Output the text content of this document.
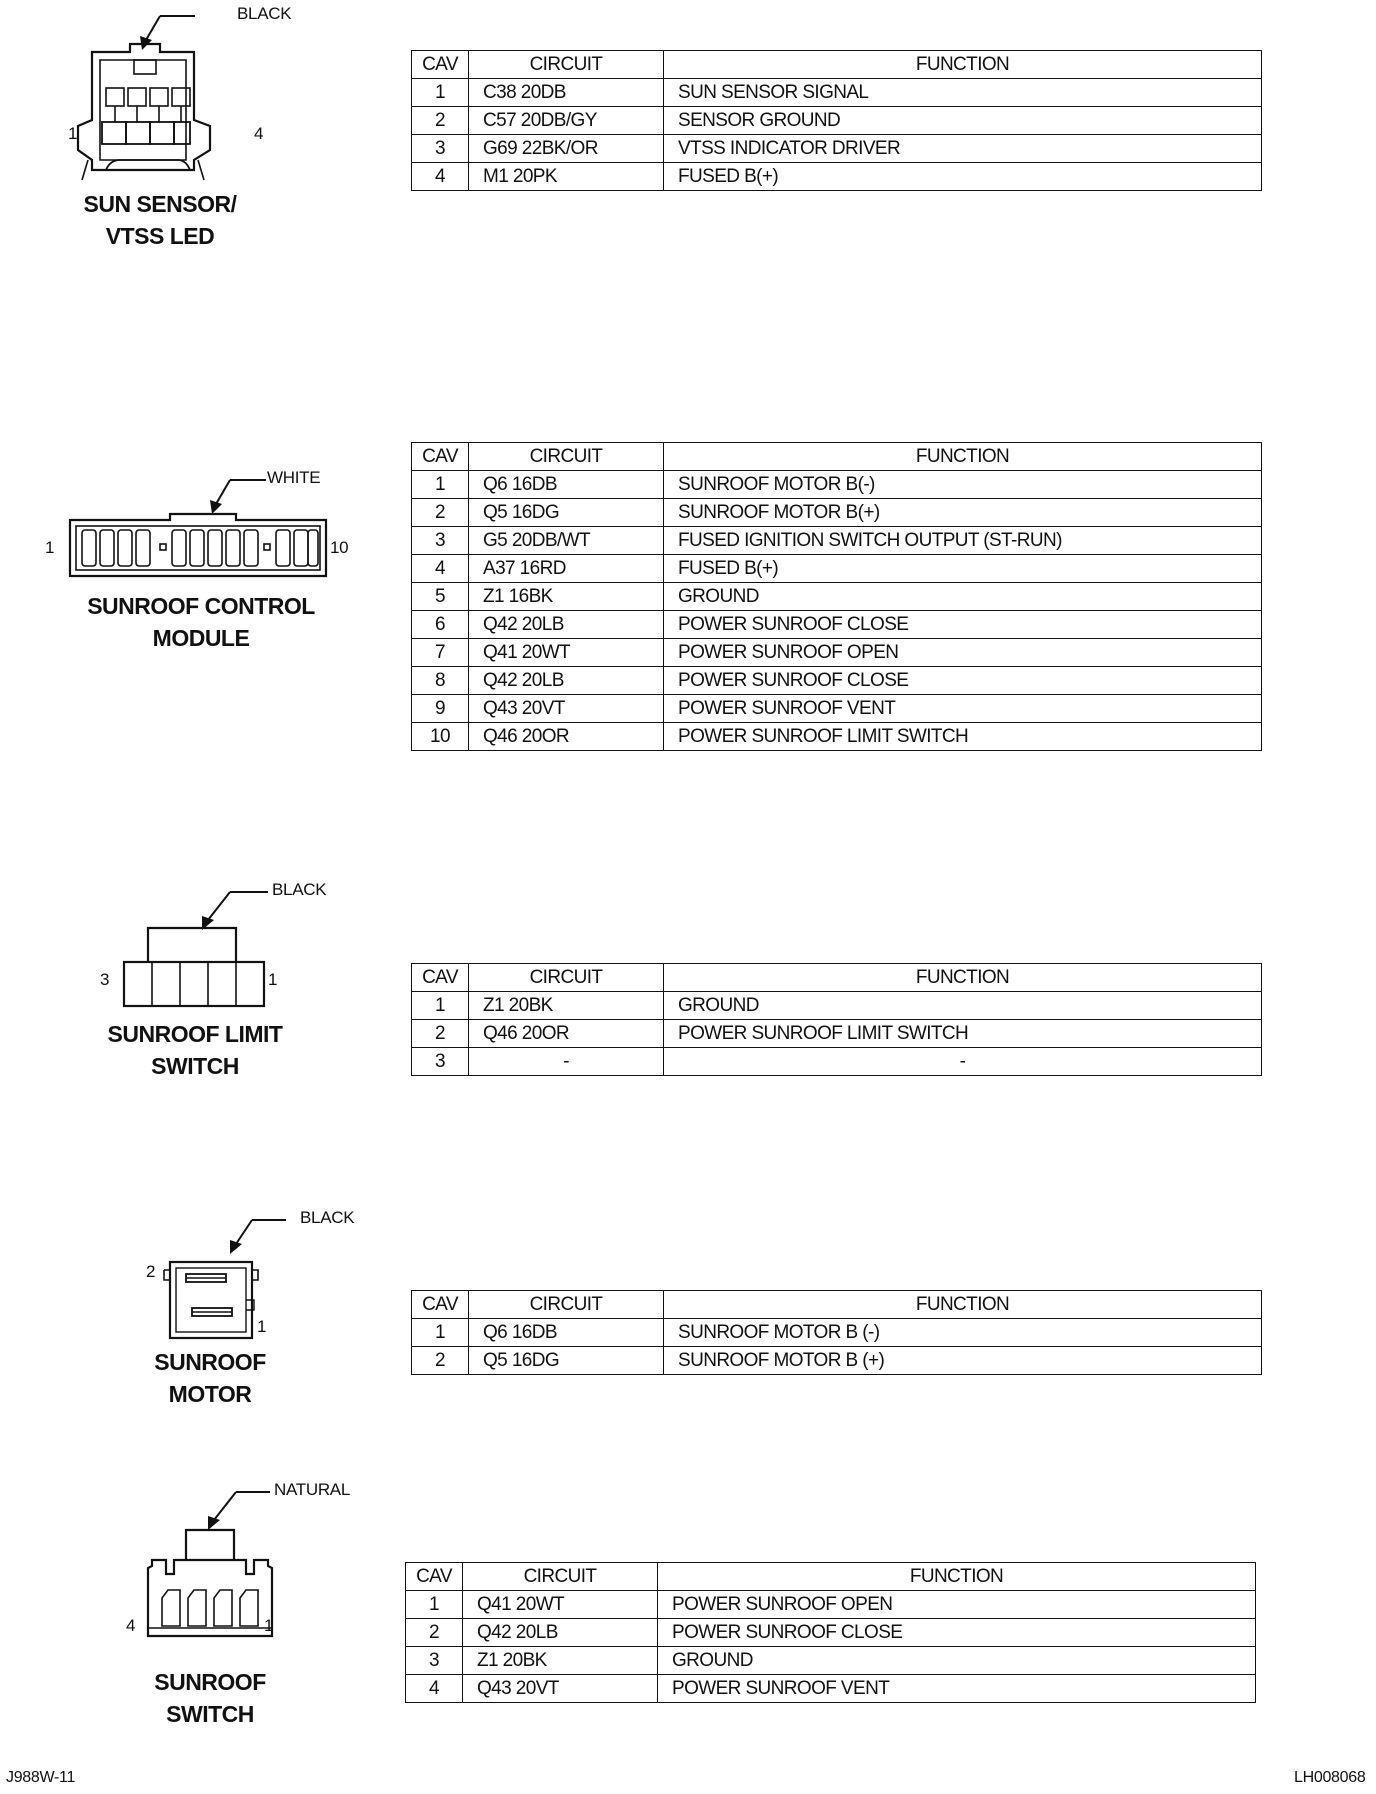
BLACK
1	4
SUN SENSOR/
VTSS LED
CAV	CIRCUIT	FUNCTION
1	C38 20DB	SUN SENSOR SIGNAL
2	C57 20DB/GY	SENSOR GROUND
3	G69 22BK/OR	VTSS INDICATOR DRIVER
4	M1 20PK	FUSED B(+)
WHITE
1	10
SUNROOF CONTROL
MODULE
CAV	CIRCUIT	FUNCTION
1	Q6 16DB	SUNROOF MOTOR B(-)
2	Q5 16DG	SUNROOF MOTOR B(+)
3	G5 20DB/WT	FUSED IGNITION SWITCH OUTPUT (ST-RUN)
4	A37 16RD	FUSED B(+)
5	Z1 16BK	GROUND
6	Q42 20LB	POWER SUNROOF CLOSE
7	Q41 20WT	POWER SUNROOF OPEN
8	Q42 20LB	POWER SUNROOF CLOSE
9	Q43 20VT	POWER SUNROOF VENT
10	Q46 20OR	POWER SUNROOF LIMIT SWITCH
BLACK
3	1
SUNROOF LIMIT
SWITCH
CAV	CIRCUIT	FUNCTION
1	Z1 20BK	GROUND
2	Q46 20OR	POWER SUNROOF LIMIT SWITCH
3	-	-
BLACK
2
1
SUNROOF
MOTOR
CAV	CIRCUIT	FUNCTION
1	Q6 16DB	SUNROOF MOTOR B (-)
2	Q5 16DG	SUNROOF MOTOR B (+)
NATURAL
4	1
SUNROOF
SWITCH
CAV	CIRCUIT	FUNCTION
1	Q41 20WT	POWER SUNROOF OPEN
2	Q42 20LB	POWER SUNROOF CLOSE
3	Z1 20BK	GROUND
4	Q43 20VT	POWER SUNROOF VENT
J988W-11	LH008068
